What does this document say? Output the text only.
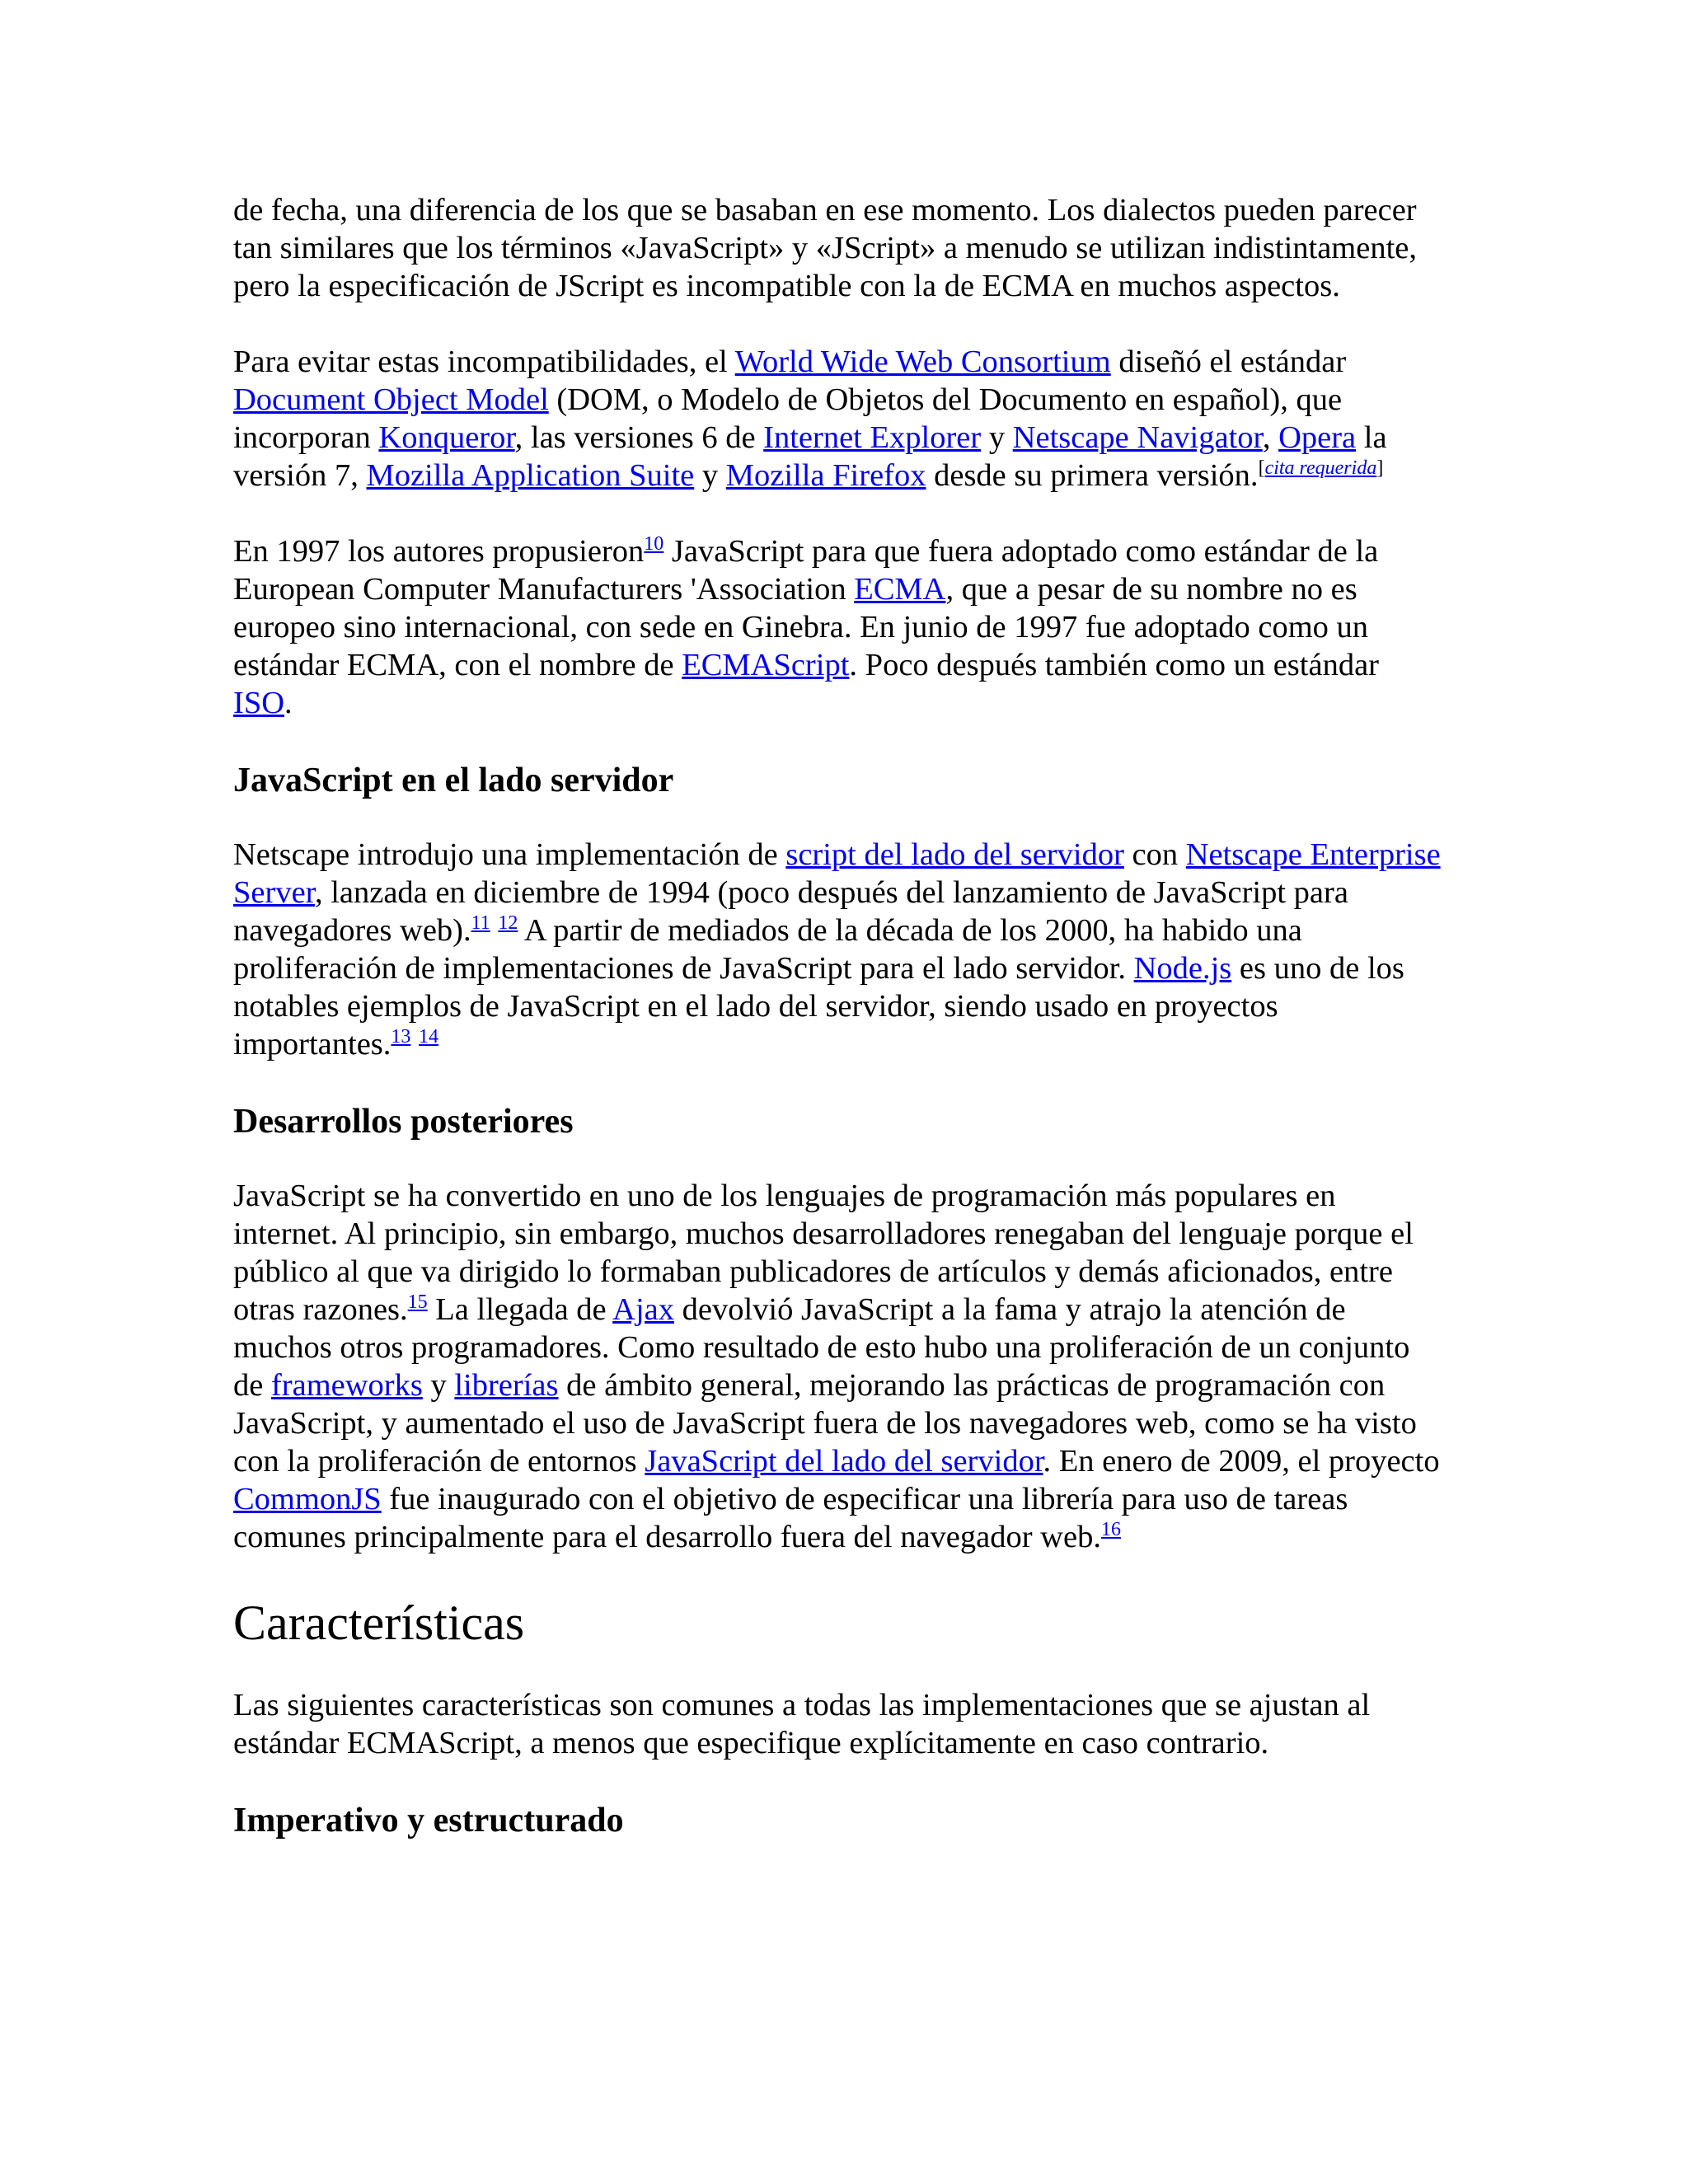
de fecha, una diferencia de los que se basaban en ese momento. Los dialectos pueden parecer tan similares que los términos «JavaScript» y «JScript» a menudo se utilizan indistintamente, pero la especificación de JScript es incompatible con la de ECMA en muchos aspectos.

Para evitar estas incompatibilidades, el World Wide Web Consortium diseñó el estándar Document Object Model (DOM, o Modelo de Objetos del Documento en español), que incorporan Konqueror, las versiones 6 de Internet Explorer y Netscape Navigator, Opera la versión 7, Mozilla Application Suite y Mozilla Firefox desde su primera versión.[cita requerida]

En 1997 los autores propusieron$^{10}$ JavaScript para que fuera adoptado como estándar de la European Computer Manufacturers 'Association ECMA, que a pesar de su nombre no es europeo sino internacional, con sede en Ginebra. En junio de 1997 fue adoptado como un estándar ECMA, con el nombre de ECMAScript. Poco después también como un estándar ISO.

JavaScript en el lado servidor

Netscape introdujo una implementación de script del lado del servidor con Netscape Enterprise Server, lanzada en diciembre de 1994 (poco después del lanzamiento de JavaScript para navegadores web).$^{11}$ $^{12}$ A partir de mediados de la década de los 2000, ha habido una proliferación de implementaciones de JavaScript para el lado servidor. Node.js es uno de los notables ejemplos de JavaScript en el lado del servidor, siendo usado en proyectos importantes.$^{13}$ $^{14}$

Desarrollos posteriores

JavaScript se ha convertido en uno de los lenguajes de programación más populares en internet. Al principio, sin embargo, muchos desarrolladores renegaban del lenguaje porque el público al que va dirigido lo formaban publicadores de artículos y demás aficionados, entre otras razones.$^{15}$ La llegada de Ajax devolvió JavaScript a la fama y atrajo la atención de muchos otros programadores. Como resultado de esto hubo una proliferación de un conjunto de frameworks y librerías de ámbito general, mejorando las prácticas de programación con JavaScript, y aumentado el uso de JavaScript fuera de los navegadores web, como se ha visto con la proliferación de entornos JavaScript del lado del servidor. En enero de 2009, el proyecto CommonJS fue inaugurado con el objetivo de especificar una librería para uso de tareas comunes principalmente para el desarrollo fuera del navegador web.$^{16}$

Características

Las siguientes características son comunes a todas las implementaciones que se ajustan al estándar ECMAScript, a menos que especifique explícitamente en caso contrario.

Imperativo y estructurado
